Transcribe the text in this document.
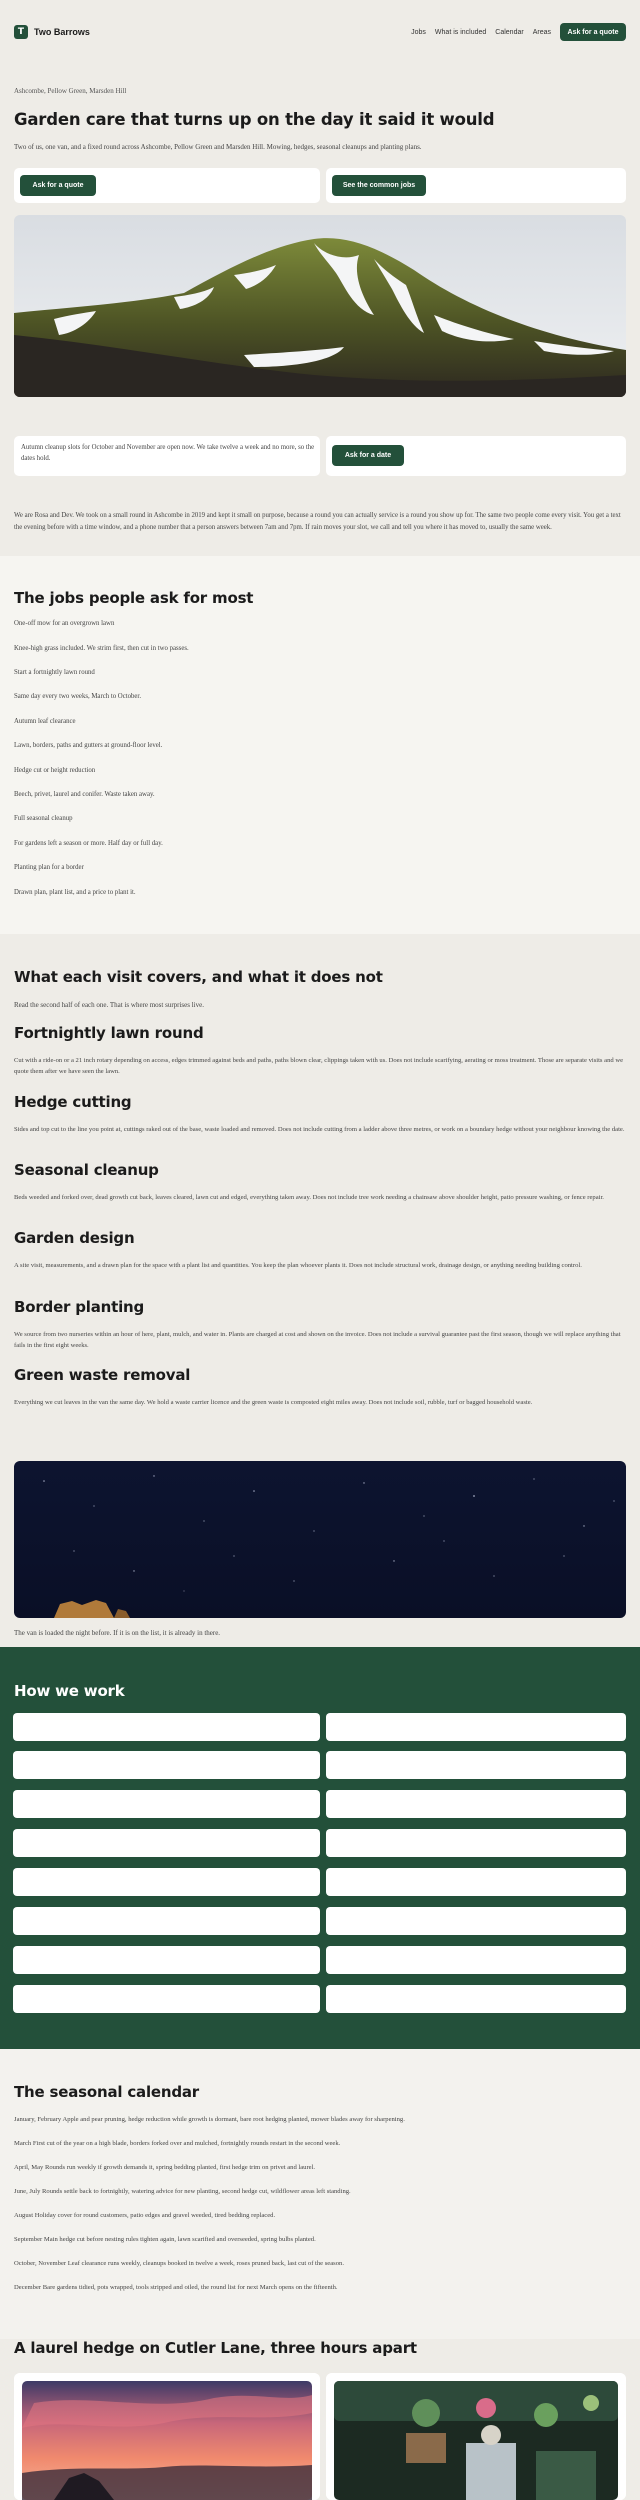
T	Two Barrows	Jobs What is included Calendar Areas	Ask for a quote
Ashcombe, Pellow Green, Marsden Hill
Garden care that turns up on the day it said it would

Two of us, one van, and a fixed round across Ashcombe, Pellow Green and Marsden Hill. Mowing, hedges, seasonal cleanups and planting plans.

Ask for a quote	See the common jobs

Autumn cleanup slots for October and November are open now. We take twelve a week and no more, so the dates hold.	Ask for a date

We are Rosa and Dev. We took on a small round in Ashcombe in 2019 and kept it small on purpose, because a round you can actually service is a round you show up for. The same two people come every visit. You get a text the evening before with a time window, and a phone number that a person answers between 7am and 7pm. If rain moves your slot, we call and tell you where it has moved to, usually the same week.

The jobs people ask for most
One-off mow for an overgrown lawn
Knee-high grass included. We strim first, then cut in two passes.
Start a fortnightly lawn round
Same day every two weeks, March to October.
Autumn leaf clearance
Lawn, borders, paths and gutters at ground-floor level.
Hedge cut or height reduction
Beech, privet, laurel and conifer. Waste taken away.
Full seasonal cleanup
For gardens left a season or more. Half day or full day.
Planting plan for a border
Drawn plan, plant list, and a price to plant it.
What each visit covers, and what it does not

Read the second half of each one. That is where most surprises live.

Fortnightly lawn round

Cut with a ride-on or a 21 inch rotary depending on access, edges trimmed against beds and paths, paths blown clear, clippings taken with us. Does not include scarifying, aerating or moss treatment. Those are separate visits and we quote them after we have seen the lawn.

Hedge cutting

Sides and top cut to the line you point at, cuttings raked out of the base, waste loaded and removed. Does not include cutting from a ladder above three metres, or work on a boundary hedge without your neighbour knowing the date.

Seasonal cleanup

Beds weeded and forked over, dead growth cut back, leaves cleared, lawn cut and edged, everything taken away. Does not include tree work needing a chainsaw above shoulder height, patio pressure washing, or fence repair.

Garden design

A site visit, measurements, and a drawn plan for the space with a plant list and quantities. You keep the plan whoever plants it. Does not include structural work, drainage design, or anything needing building control.

Border planting

We source from two nurseries within an hour of here, plant, mulch, and water in. Plants are charged at cost and shown on the invoice. Does not include a survival guarantee past the first season, though we will replace anything that fails in the first eight weeks.

Green waste removal

Everything we cut leaves in the van the same day. We hold a waste carrier licence and the green waste is composted eight miles away. Does not include soil, rubble, turf or bagged household waste.

The van is loaded the night before. If it is on the list, it is already in there.

How we work
The seasonal calendar
January, February Apple and pear pruning, hedge reduction while growth is dormant, bare root hedging planted, mower blades away for sharpening.
March First cut of the year on a high blade, borders forked over and mulched, fortnightly rounds restart in the second week.
April, May Rounds run weekly if growth demands it, spring bedding planted, first hedge trim on privet and laurel.
June, July Rounds settle back to fortnightly, watering advice for new planting, second hedge cut, wildflower areas left standing.
August Holiday cover for round customers, patio edges and gravel weeded, tired bedding replaced.
September Main hedge cut before nesting rules tighten again, lawn scarified and overseeded, spring bulbs planted.
October, November Leaf clearance runs weekly, cleanups booked in twelve a week, roses pruned back, last cut of the season.
December Bare gardens tidied, pots wrapped, tools stripped and oiled, the round list for next March opens on the fifteenth.
A laurel hedge on Cutler Lane, three hours apart
